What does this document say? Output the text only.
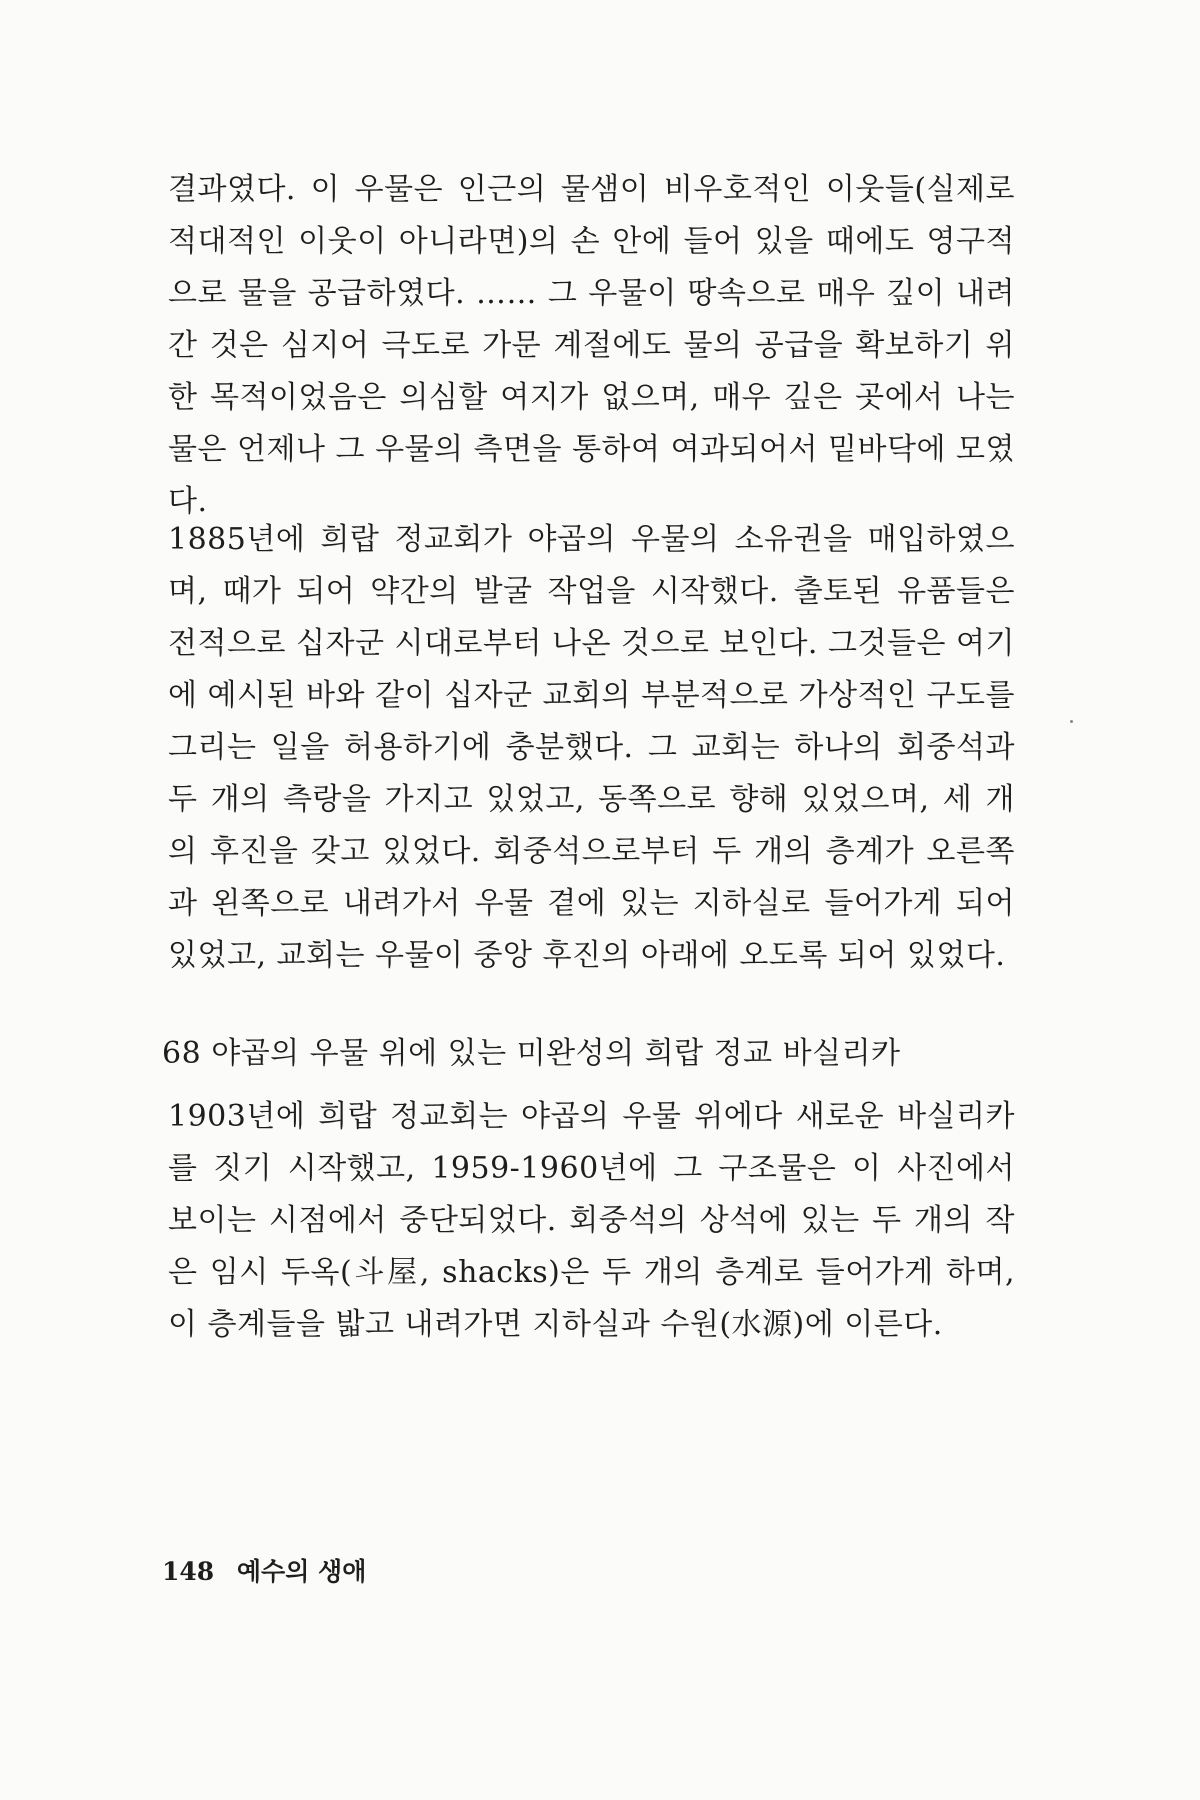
결과였다. 이 우물은 인근의 물샘이 비우호적인 이웃들(실제로 적대적인 이웃이 아니라면)의 손 안에 들어 있을 때에도 영구적으로 물을 공급하였다. …… 그 우물이 땅속으로 매우 깊이 내려간 것은 심지어 극도로 가문 계절에도 물의 공급을 확보하기 위한 목적이었음은 의심할 여지가 없으며, 매우 깊은 곳에서 나는 물은 언제나 그 우물의 측면을 통하여 여과되어서 밑바닥에 모였다.

1885년에 희랍 정교회가 야곱의 우물의 소유권을 매입하였으며, 때가 되어 약간의 발굴 작업을 시작했다. 출토된 유품들은 전적으로 십자군 시대로부터 나온 것으로 보인다. 그것들은 여기에 예시된 바와 같이 십자군 교회의 부분적으로 가상적인 구도를 그리는 일을 허용하기에 충분했다. 그 교회는 하나의 회중석과 두 개의 측랑을 가지고 있었고, 동쪽으로 향해 있었으며, 세 개의 후진을 갖고 있었다. 회중석으로부터 두 개의 층계가 오른쪽과 왼쪽으로 내려가서 우물 곁에 있는 지하실로 들어가게 되어 있었고, 교회는 우물이 중앙 후진의 아래에 오도록 되어 있었다.

68 야곱의 우물 위에 있는 미완성의 희랍 정교 바실리카

1903년에 희랍 정교회는 야곱의 우물 위에다 새로운 바실리카를 짓기 시작했고, 1959-1960년에 그 구조물은 이 사진에서 보이는 시점에서 중단되었다. 회중석의 상석에 있는 두 개의 작은 임시 두옥(斗屋, shacks)은 두 개의 층계로 들어가게 하며, 이 층계들을 밟고 내려가면 지하실과 수원(水源)에 이른다.

148 예수의 생애
